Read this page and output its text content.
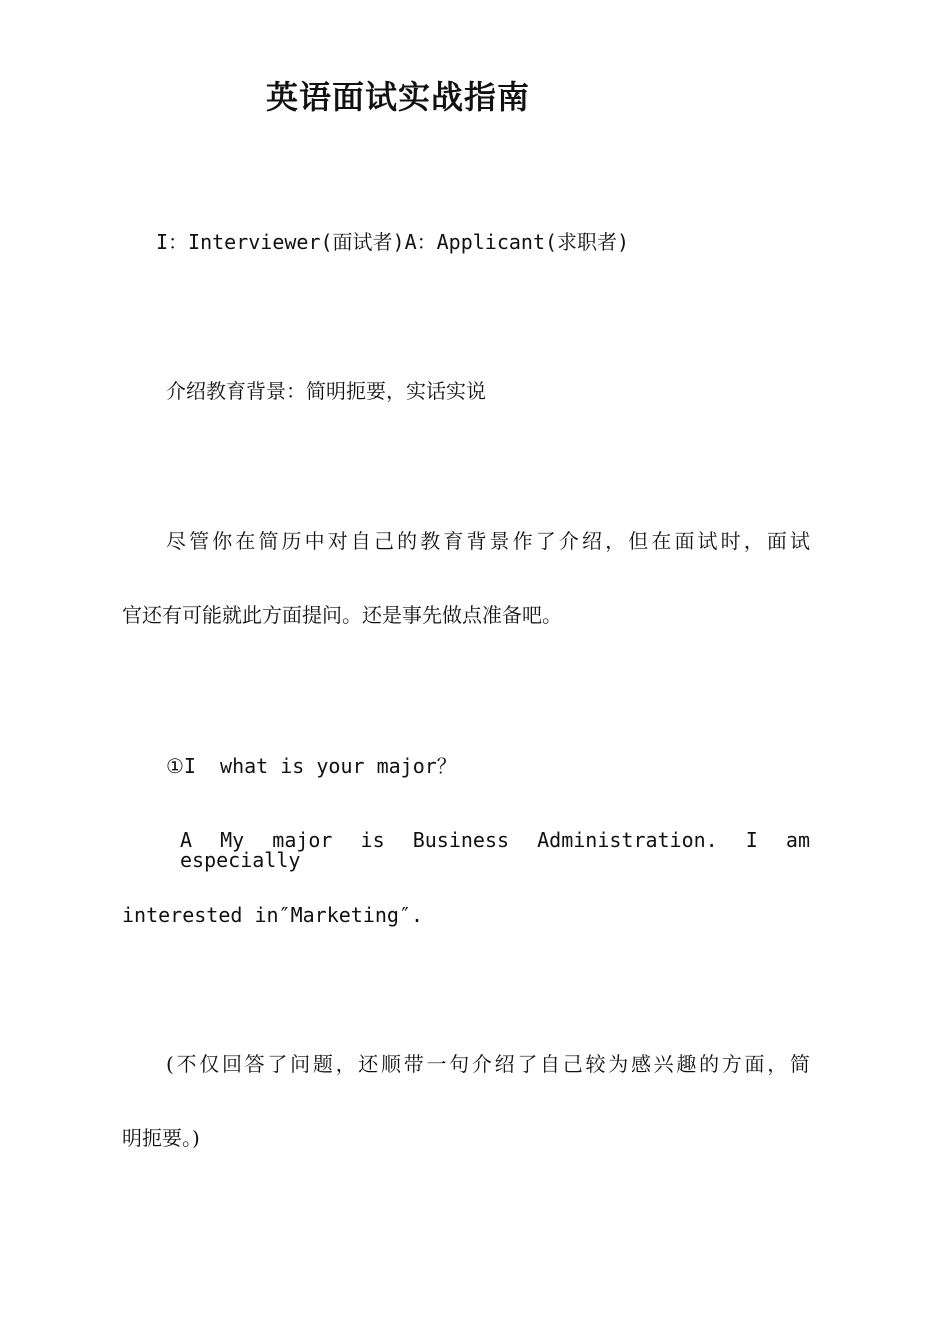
英语面试实战指南

I：Interviewer(面试者)A：Applicant(求职者)

介绍教育背景：简明扼要，实话实说

尽管你在简历中对自己的教育背景作了介绍，但在面试时，面试

官还有可能就此方面提问。还是事先做点准备吧。

①I  what is your major？

A My major is Business Administration. I am especially

interested in″Marketing″.

(不仅回答了问题，还顺带一句介绍了自己较为感兴趣的方面，简

明扼要。)
